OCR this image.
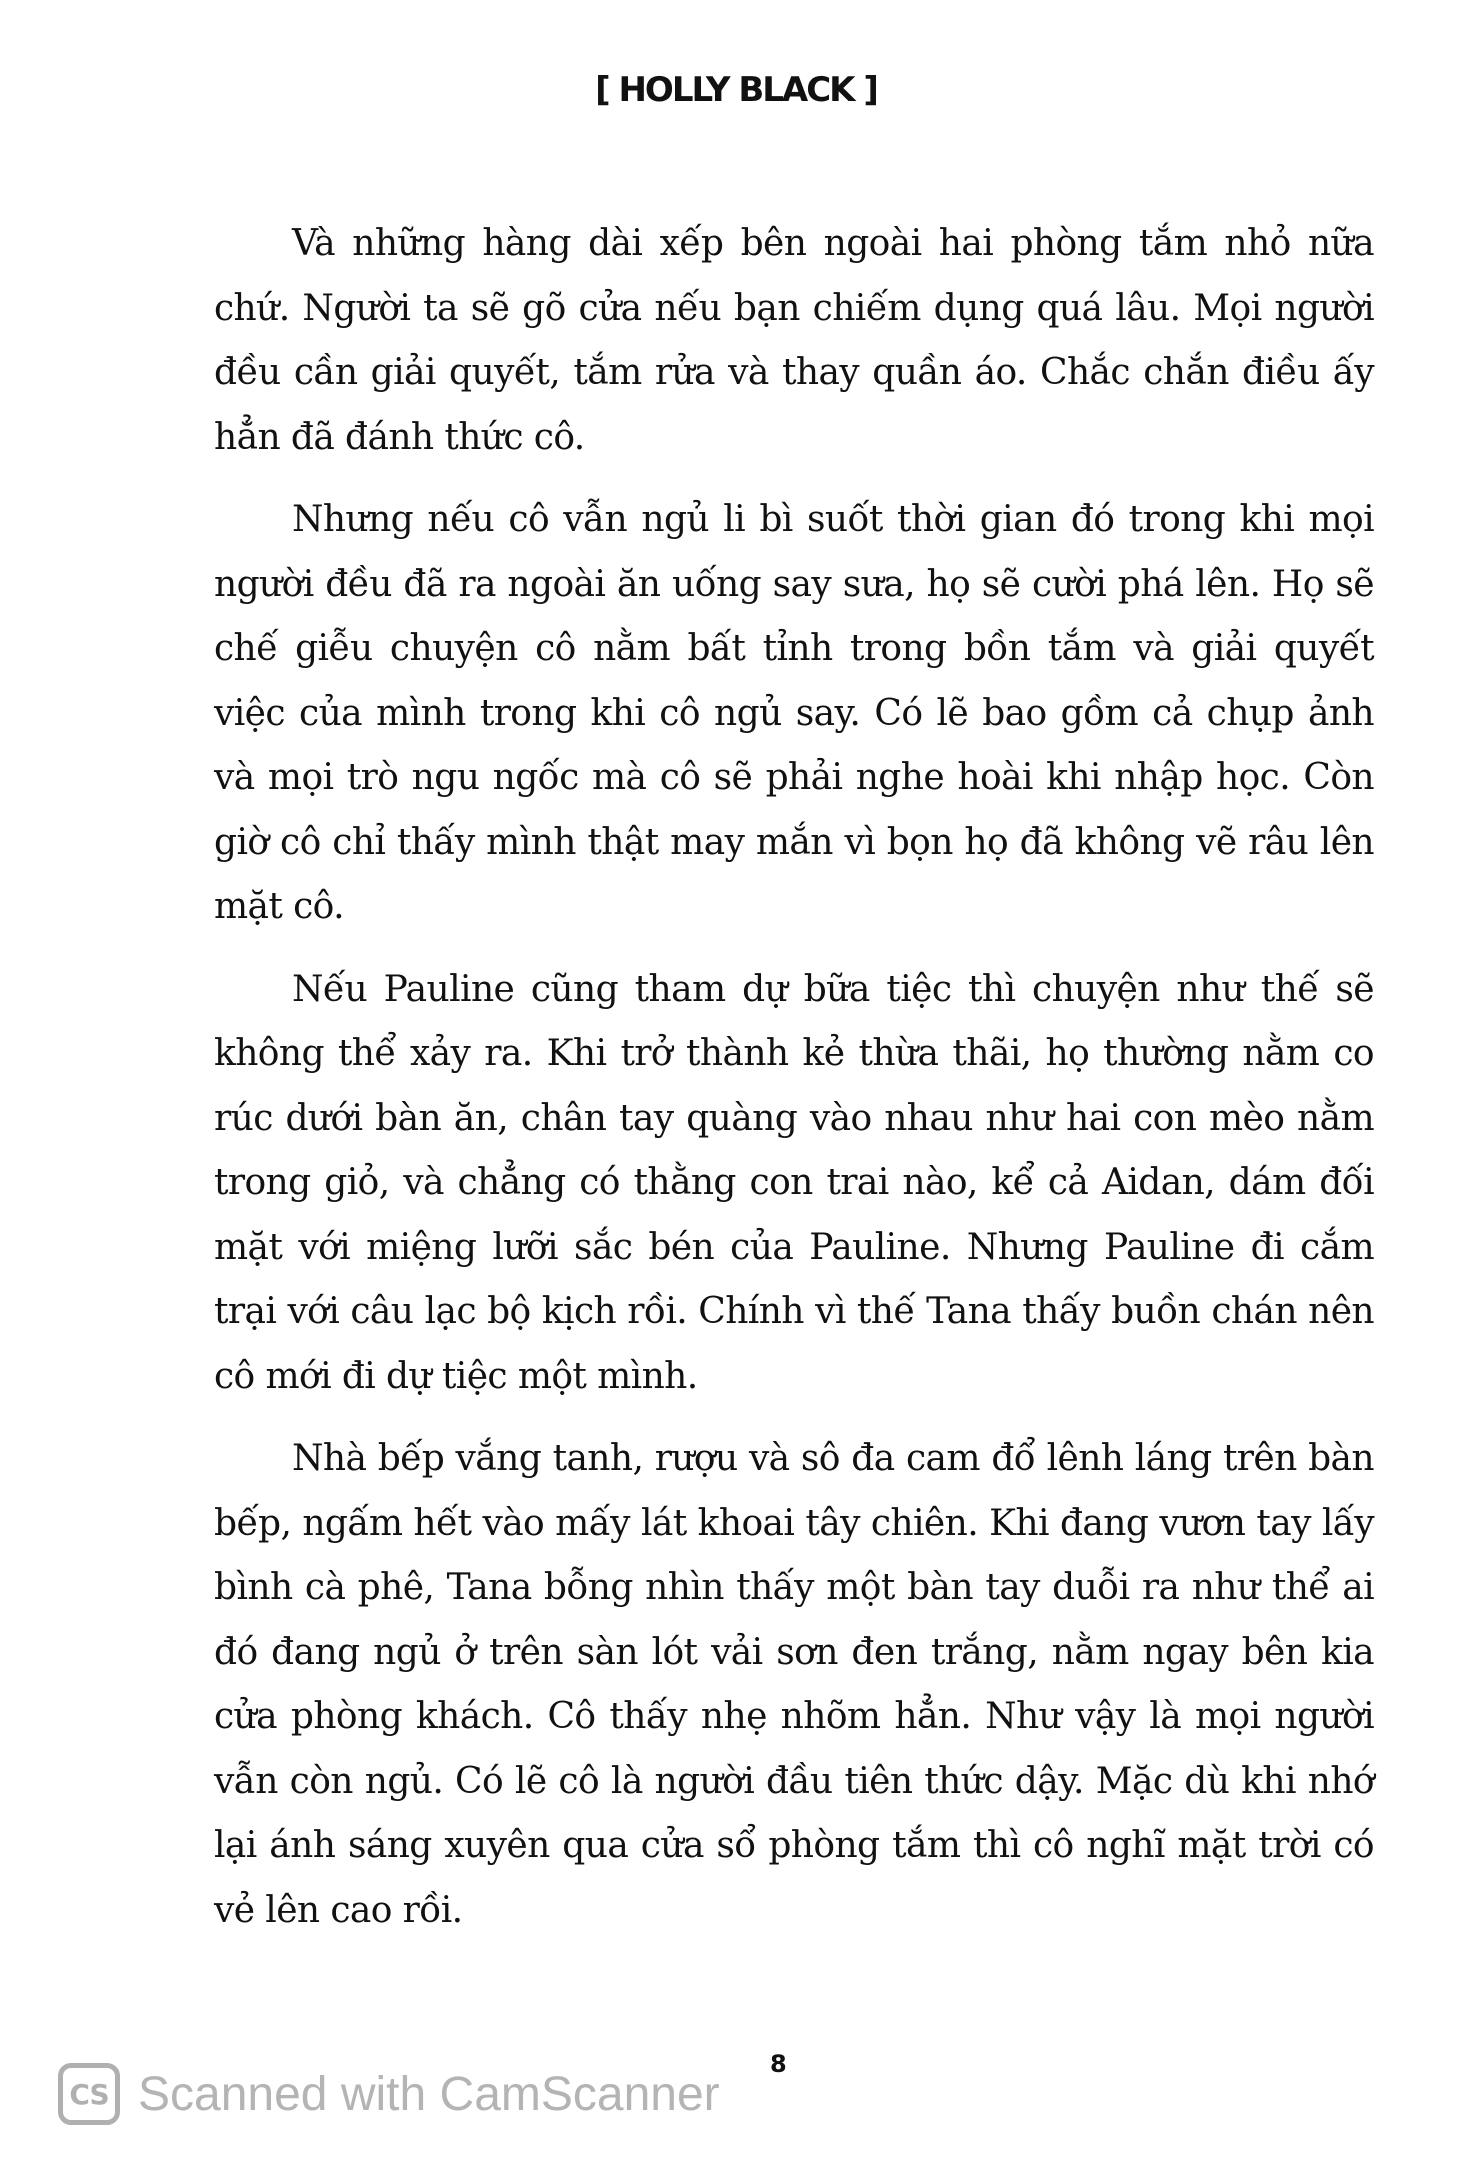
[ HOLLY BLACK ]

Và những hàng dài xếp bên ngoài hai phòng tắm nhỏ nữa chứ. Người ta sẽ gõ cửa nếu bạn chiếm dụng quá lâu. Mọi người đều cần giải quyết, tắm rửa và thay quần áo. Chắc chắn điều ấy hẳn đã đánh thức cô.

Nhưng nếu cô vẫn ngủ li bì suốt thời gian đó trong khi mọi người đều đã ra ngoài ăn uống say sưa, họ sẽ cười phá lên. Họ sẽ chế giễu chuyện cô nằm bất tỉnh trong bồn tắm và giải quyết việc của mình trong khi cô ngủ say. Có lẽ bao gồm cả chụp ảnh và mọi trò ngu ngốc mà cô sẽ phải nghe hoài khi nhập học. Còn giờ cô chỉ thấy mình thật may mắn vì bọn họ đã không vẽ râu lên mặt cô.

Nếu Pauline cũng tham dự bữa tiệc thì chuyện như thế sẽ không thể xảy ra. Khi trở thành kẻ thừa thãi, họ thường nằm co rúc dưới bàn ăn, chân tay quàng vào nhau như hai con mèo nằm trong giỏ, và chẳng có thằng con trai nào, kể cả Aidan, dám đối mặt với miệng lưỡi sắc bén của Pauline. Nhưng Pauline đi cắm trại với câu lạc bộ kịch rồi. Chính vì thế Tana thấy buồn chán nên cô mới đi dự tiệc một mình.

Nhà bếp vắng tanh, rượu và sô đa cam đổ lênh láng trên bàn bếp, ngấm hết vào mấy lát khoai tây chiên. Khi đang vươn tay lấy bình cà phê, Tana bỗng nhìn thấy một bàn tay duỗi ra như thể ai đó đang ngủ ở trên sàn lót vải sơn đen trắng, nằm ngay bên kia cửa phòng khách. Cô thấy nhẹ nhõm hẳn. Như vậy là mọi người vẫn còn ngủ. Có lẽ cô là người đầu tiên thức dậy. Mặc dù khi nhớ lại ánh sáng xuyên qua cửa sổ phòng tắm thì cô nghĩ mặt trời có vẻ lên cao rồi.

8
CS Scanned with CamScanner
